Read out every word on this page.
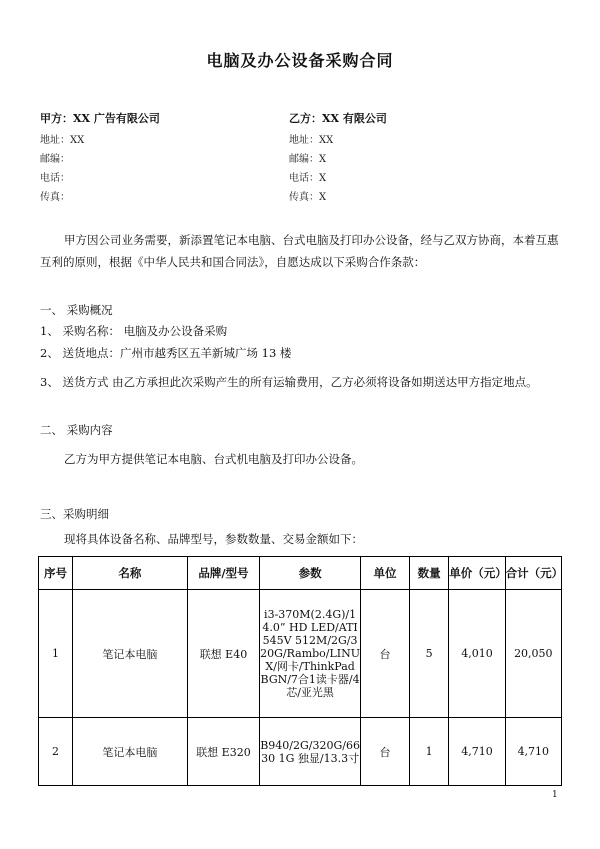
电脑及办公设备采购合同
甲方：XX 广告有限公司
地址：XX
邮编：
电话：
传真：
乙方：XX 有限公司
地址：XX
邮编：X
电话：X
传真：X
甲方因公司业务需要，新添置笔记本电脑、台式电脑及打印办公设备，经与乙双方协商，本着互惠互利的原则，根据《中华人民共和国合同法》，自愿达成以下采购合作条款：
一、 采购概况
1、 采购名称： 电脑及办公设备采购
2、 送货地点：广州市越秀区五羊新城广场 13 楼
3、 送货方式 由乙方承担此次采购产生的所有运输费用，乙方必须将设备如期送达甲方指定地点。
二、 采购内容
乙方为甲方提供笔记本电脑、台式机电脑及打印办公设备。
三、采购明细
现将具体设备名称、品牌型号，参数数量、交易金额如下：
序号	名称	品牌/型号	参数	单位	数量	单价（元）	合计（元）
1	笔记本电脑	联想 E40	i3-370M(2.4G)/14.0” HD LED/ATI545V 512M/2G/320G/Rambo/LINUX/网卡/ThinkPad BGN/7合1读卡器/4芯/亚光黑	台	5	4,010	20,050
2	笔记本电脑	联想 E320	B940/2G/320G/6630 1G 独显/13.3寸	台	1	4,710	4,710
1
